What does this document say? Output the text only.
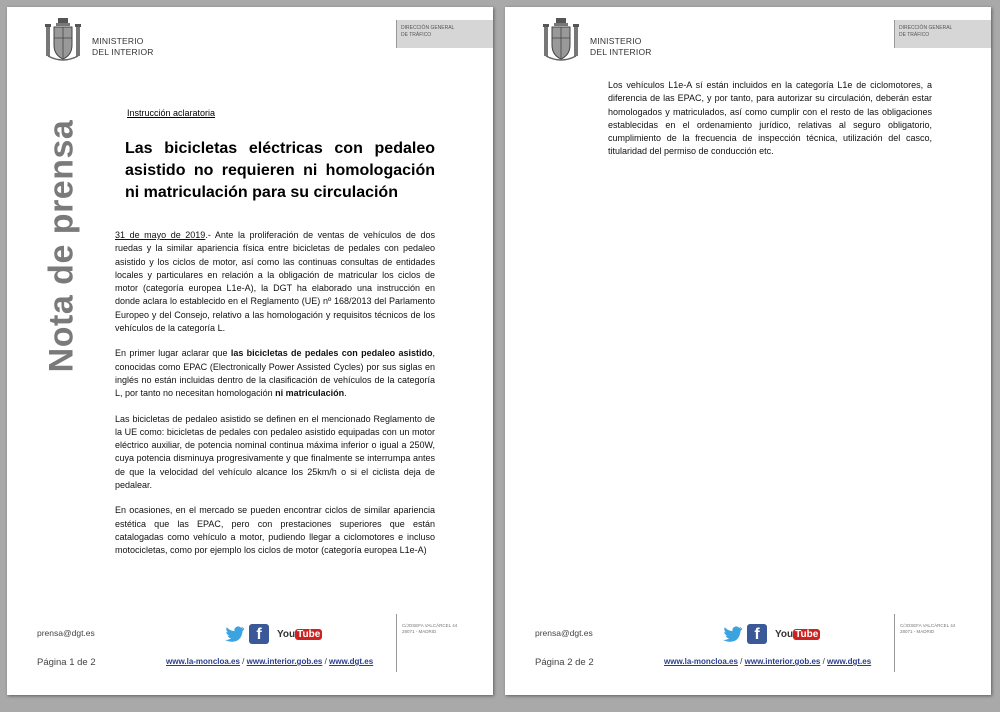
MINISTERIO
DEL INTERIOR
DIRECCIÓN GENERAL
DE TRÁFICO
Nota de prensa
Instrucción aclaratoria
Las bicicletas eléctricas con pedaleo asistido no requieren ni homologación ni matriculación para su circulación

31 de mayo de 2019.- Ante la proliferación de ventas de vehículos de dos ruedas y la similar apariencia física entre bicicletas de pedales con pedaleo asistido y los ciclos de motor, así como las continuas consultas de entidades locales y particulares en relación a la obligación de matricular los ciclos de motor (categoría europea L1e-A), la DGT ha elaborado una instrucción en donde aclara lo establecido en el Reglamento (UE) nº 168/2013 del Parlamento Europeo y del Consejo, relativo a las homologación y requisitos técnicos de los vehículos de la categoría L.

En primer lugar aclarar que las bicicletas de pedales con pedaleo asistido, conocidas como EPAC (Electronically Power Assisted Cycles) por sus siglas en inglés no están incluidas dentro de la clasificación de vehículos de la categoría L, por tanto no necesitan homologación ni matriculación.

Las bicicletas de pedaleo asistido se definen en el mencionado Reglamento de la UE como: bicicletas de pedales con pedaleo asistido equipadas con un motor eléctrico auxiliar, de potencia nominal continua máxima inferior o igual a 250W, cuya potencia disminuya progresivamente y que finalmente se interrumpa antes de que la velocidad del vehículo alcance los 25km/h o si el ciclista deja de pedalear.

En ocasiones, en el mercado se pueden encontrar ciclos de similar apariencia estética que las EPAC, pero con prestaciones superiores que están catalogadas como vehículo a motor, pudiendo llegar a ciclomotores e incluso motocicletas, como por ejemplo los ciclos de motor (categoría europea L1e-A)

prensa@dgt.es	f	You Tube
Página 1 de 2	www.la-moncloa.es / www.interior.gob.es / www.dgt.es
C/JOSEFA VALCÁRCEL 44
28071 - MADRID
MINISTERIO
DEL INTERIOR
DIRECCIÓN GENERAL
DE TRÁFICO

Los vehículos L1e-A sí están incluidos en la categoría L1e de ciclomotores, a diferencia de las EPAC, y por tanto, para autorizar su circulación, deberán estar homologados y matriculados, así como cumplir con el resto de las obligaciones establecidas en el ordenamiento jurídico, relativas al seguro obligatorio, cumplimiento de la frecuencia de inspección técnica, utilización del casco, titularidad del permiso de conducción etc.

prensa@dgt.es	f	You Tube
Página 2 de 2	www.la-moncloa.es / www.interior.gob.es / www.dgt.es
C/JOSEFA VALCÁRCEL 44
28071 - MADRID
